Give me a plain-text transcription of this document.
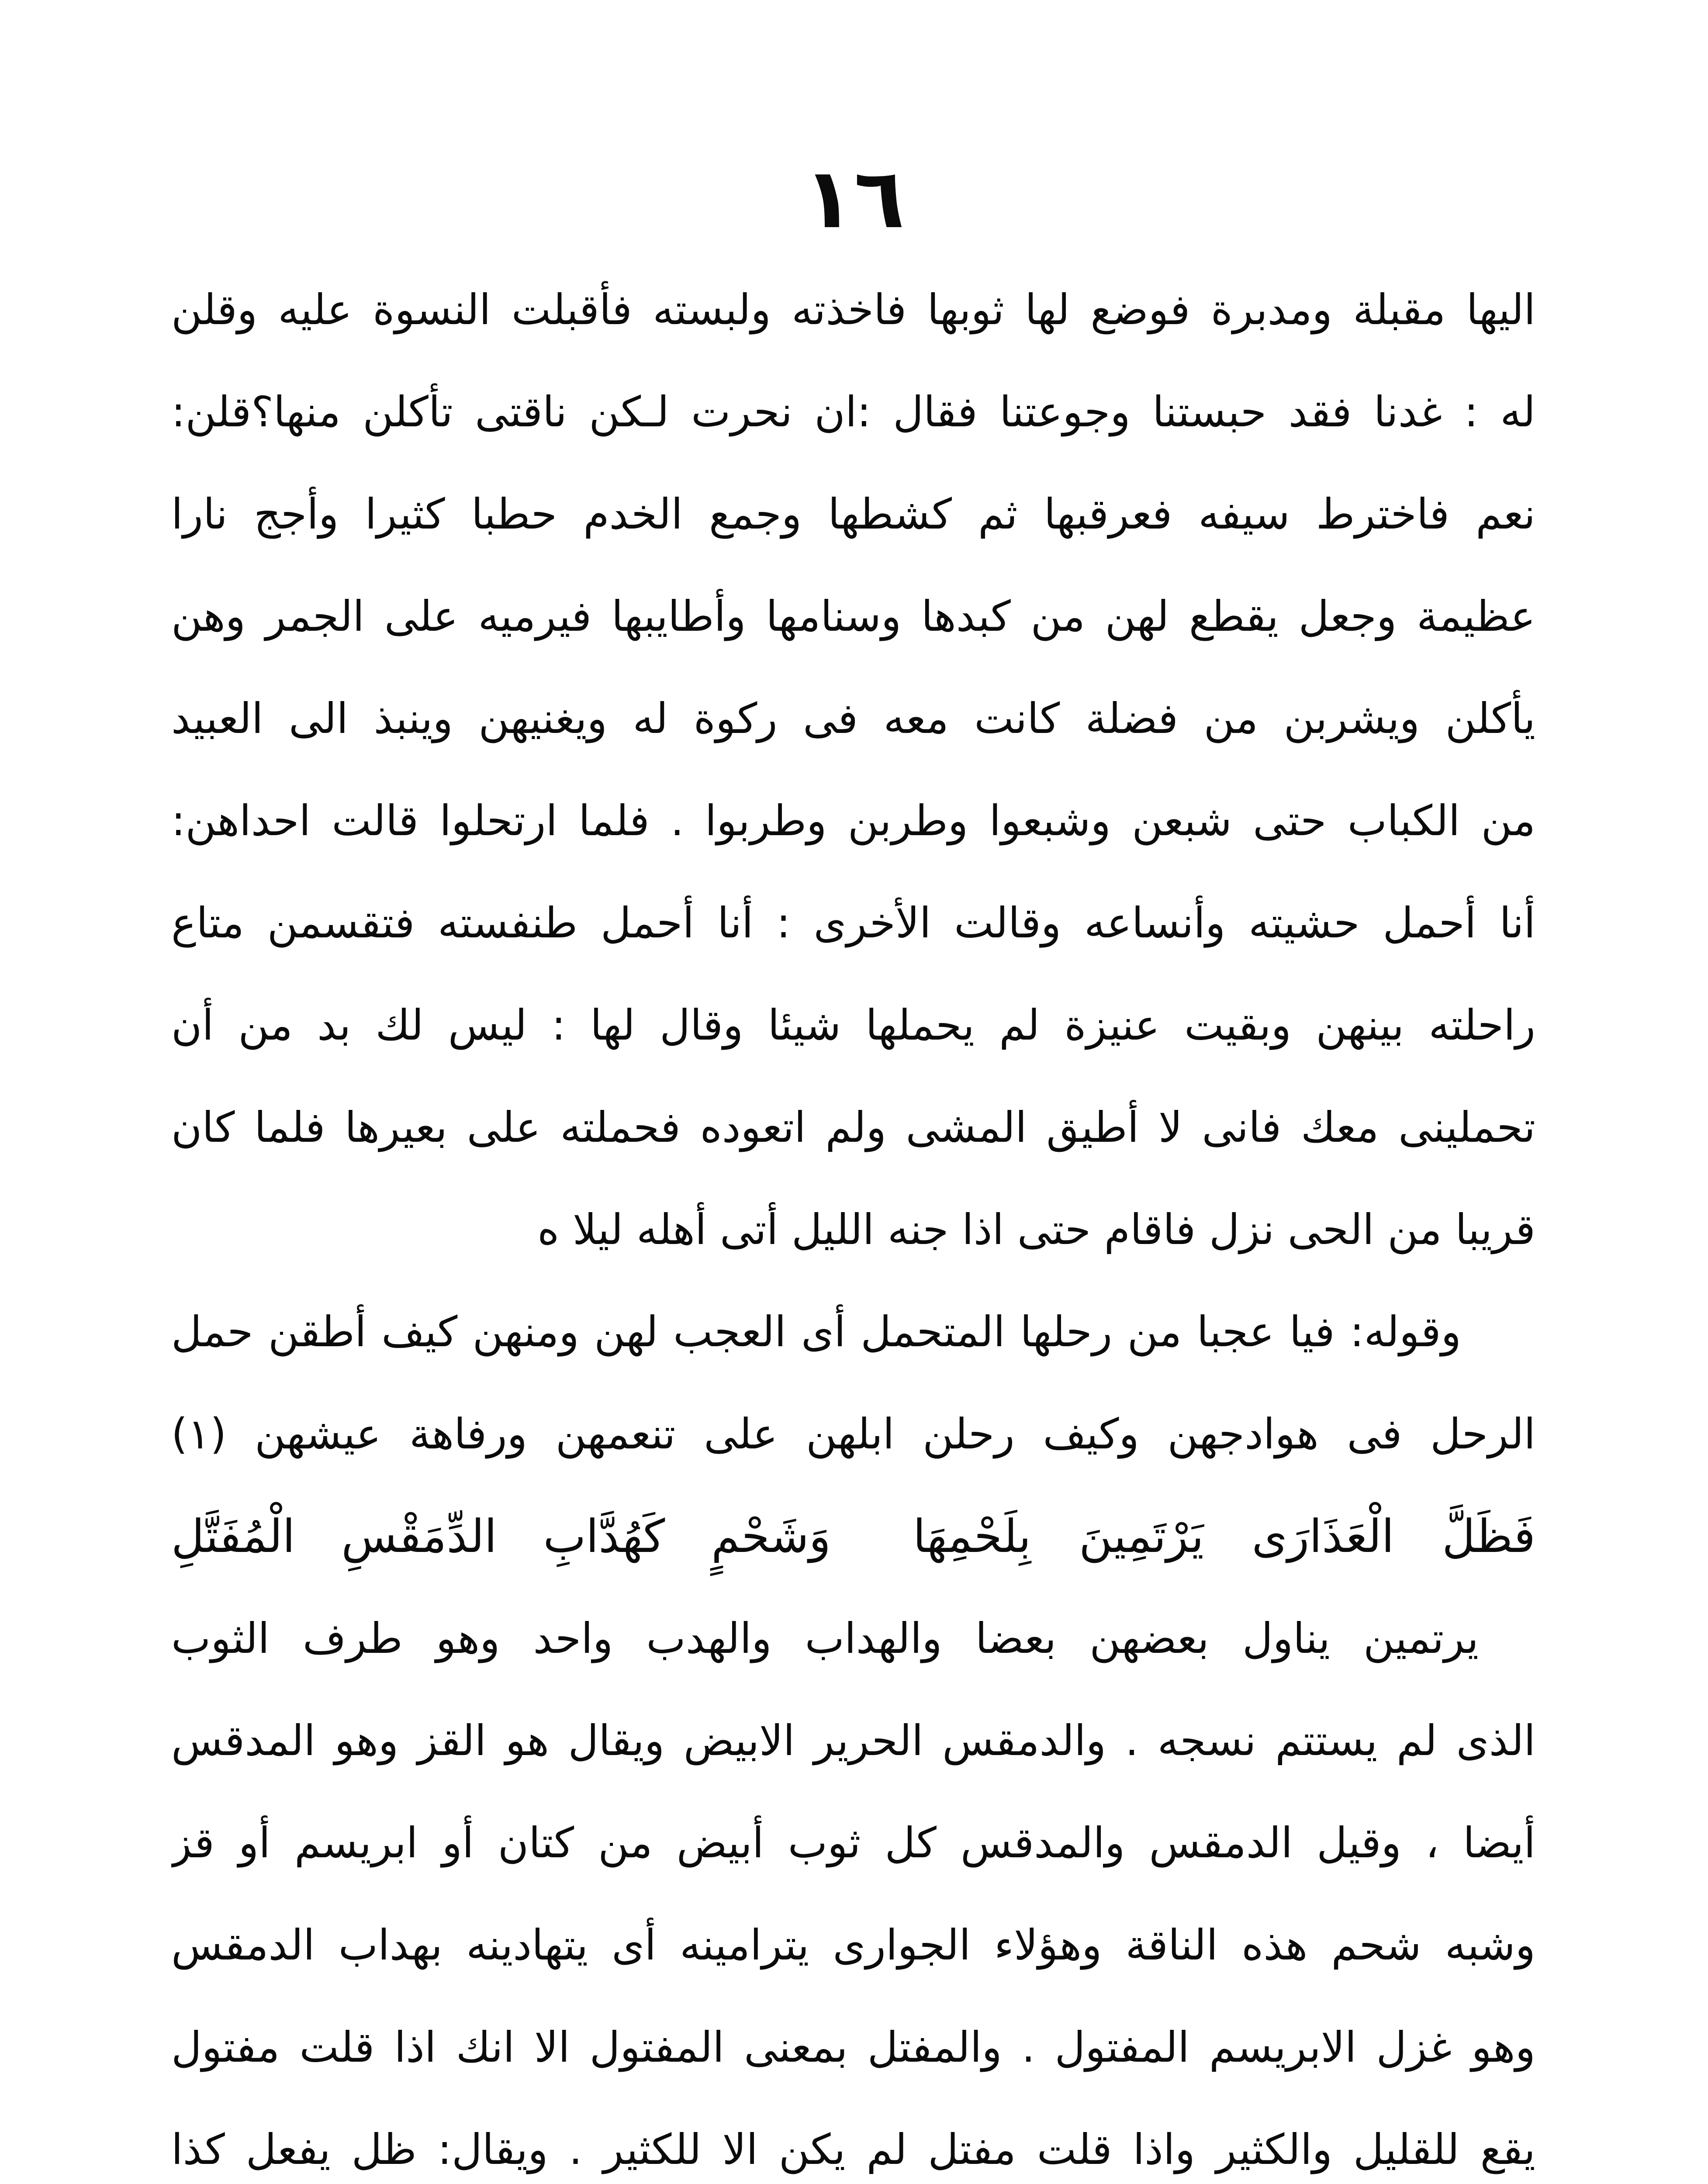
١٦
اليها مقبلة ومدبرة فوضع لها ثوبها فاخذته ولبسته فأقبلت النسوة عليه وقلن
له : غدنا فقد حبستنا وجوعتنا فقال :ان نحرت لـكن ناقتى تأكلن منها؟قلن:
نعم فاخترط سيفه فعرقبها ثم كشطها وجمع الخدم حطبا كثيرا وأجج نارا
عظيمة وجعل يقطع لهن من كبدها وسنامها وأطايبها فيرميه على الجمر وهن
يأكلن ويشربن من فضلة كانت معه فى ركوة له ويغنيهن وينبذ الى العبيد
من الكباب حتى شبعن وشبعوا وطربن وطربوا . فلما ارتحلوا قالت احداهن:
أنا أحمل حشيته وأنساعه وقالت الأخرى : أنا أحمل طنفسته فتقسمن متاع
راحلته بينهن وبقيت عنيزة لم يحملها شيئا وقال لها : ليس لك بد من أن
تحملينى معك فانى لا أطيق المشى ولم اتعوده فحملته على بعيرها فلما كان
قريبا من الحى نزل فاقام حتى اذا جنه الليل أتى أهله ليلا ه
وقوله: فيا عجبا من رحلها المتحمل أى العجب لهن ومنهن كيف أطقن حمل
الرحل فى هوادجهن وكيف رحلن ابلهن على تنعمهن ورفاهة عيشهن (١)
فَظَلَّ الْعَذَارَى يَرْتَمِينَ بِلَحْمِهَا
وَشَحْمٍ كَهُدَّابِ الدِّمَقْسِ الْمُفَتَّلِ
يرتمين يناول بعضهن بعضا والهداب والهدب واحد وهو طرف الثوب
الذى لم يستتم نسجه . والدمقس الحرير الابيض ويقال هو القز وهو المدقس
أيضا ، وقيل الدمقس والمدقس كل ثوب أبيض من كتان أو ابريسم أو قز
وشبه شحم هذه الناقة وهؤلاء الجوارى يترامينه أى يتهادينه بهداب الدمقس
وهو غزل الابريسم المفتول . والمفتل بمعنى المفتول الا انك اذا قلت مفتول
يقع للقليل والكثير واذا قلت مفتل لم يكن الا للكثير . ويقال: ظل يفعل كذا
